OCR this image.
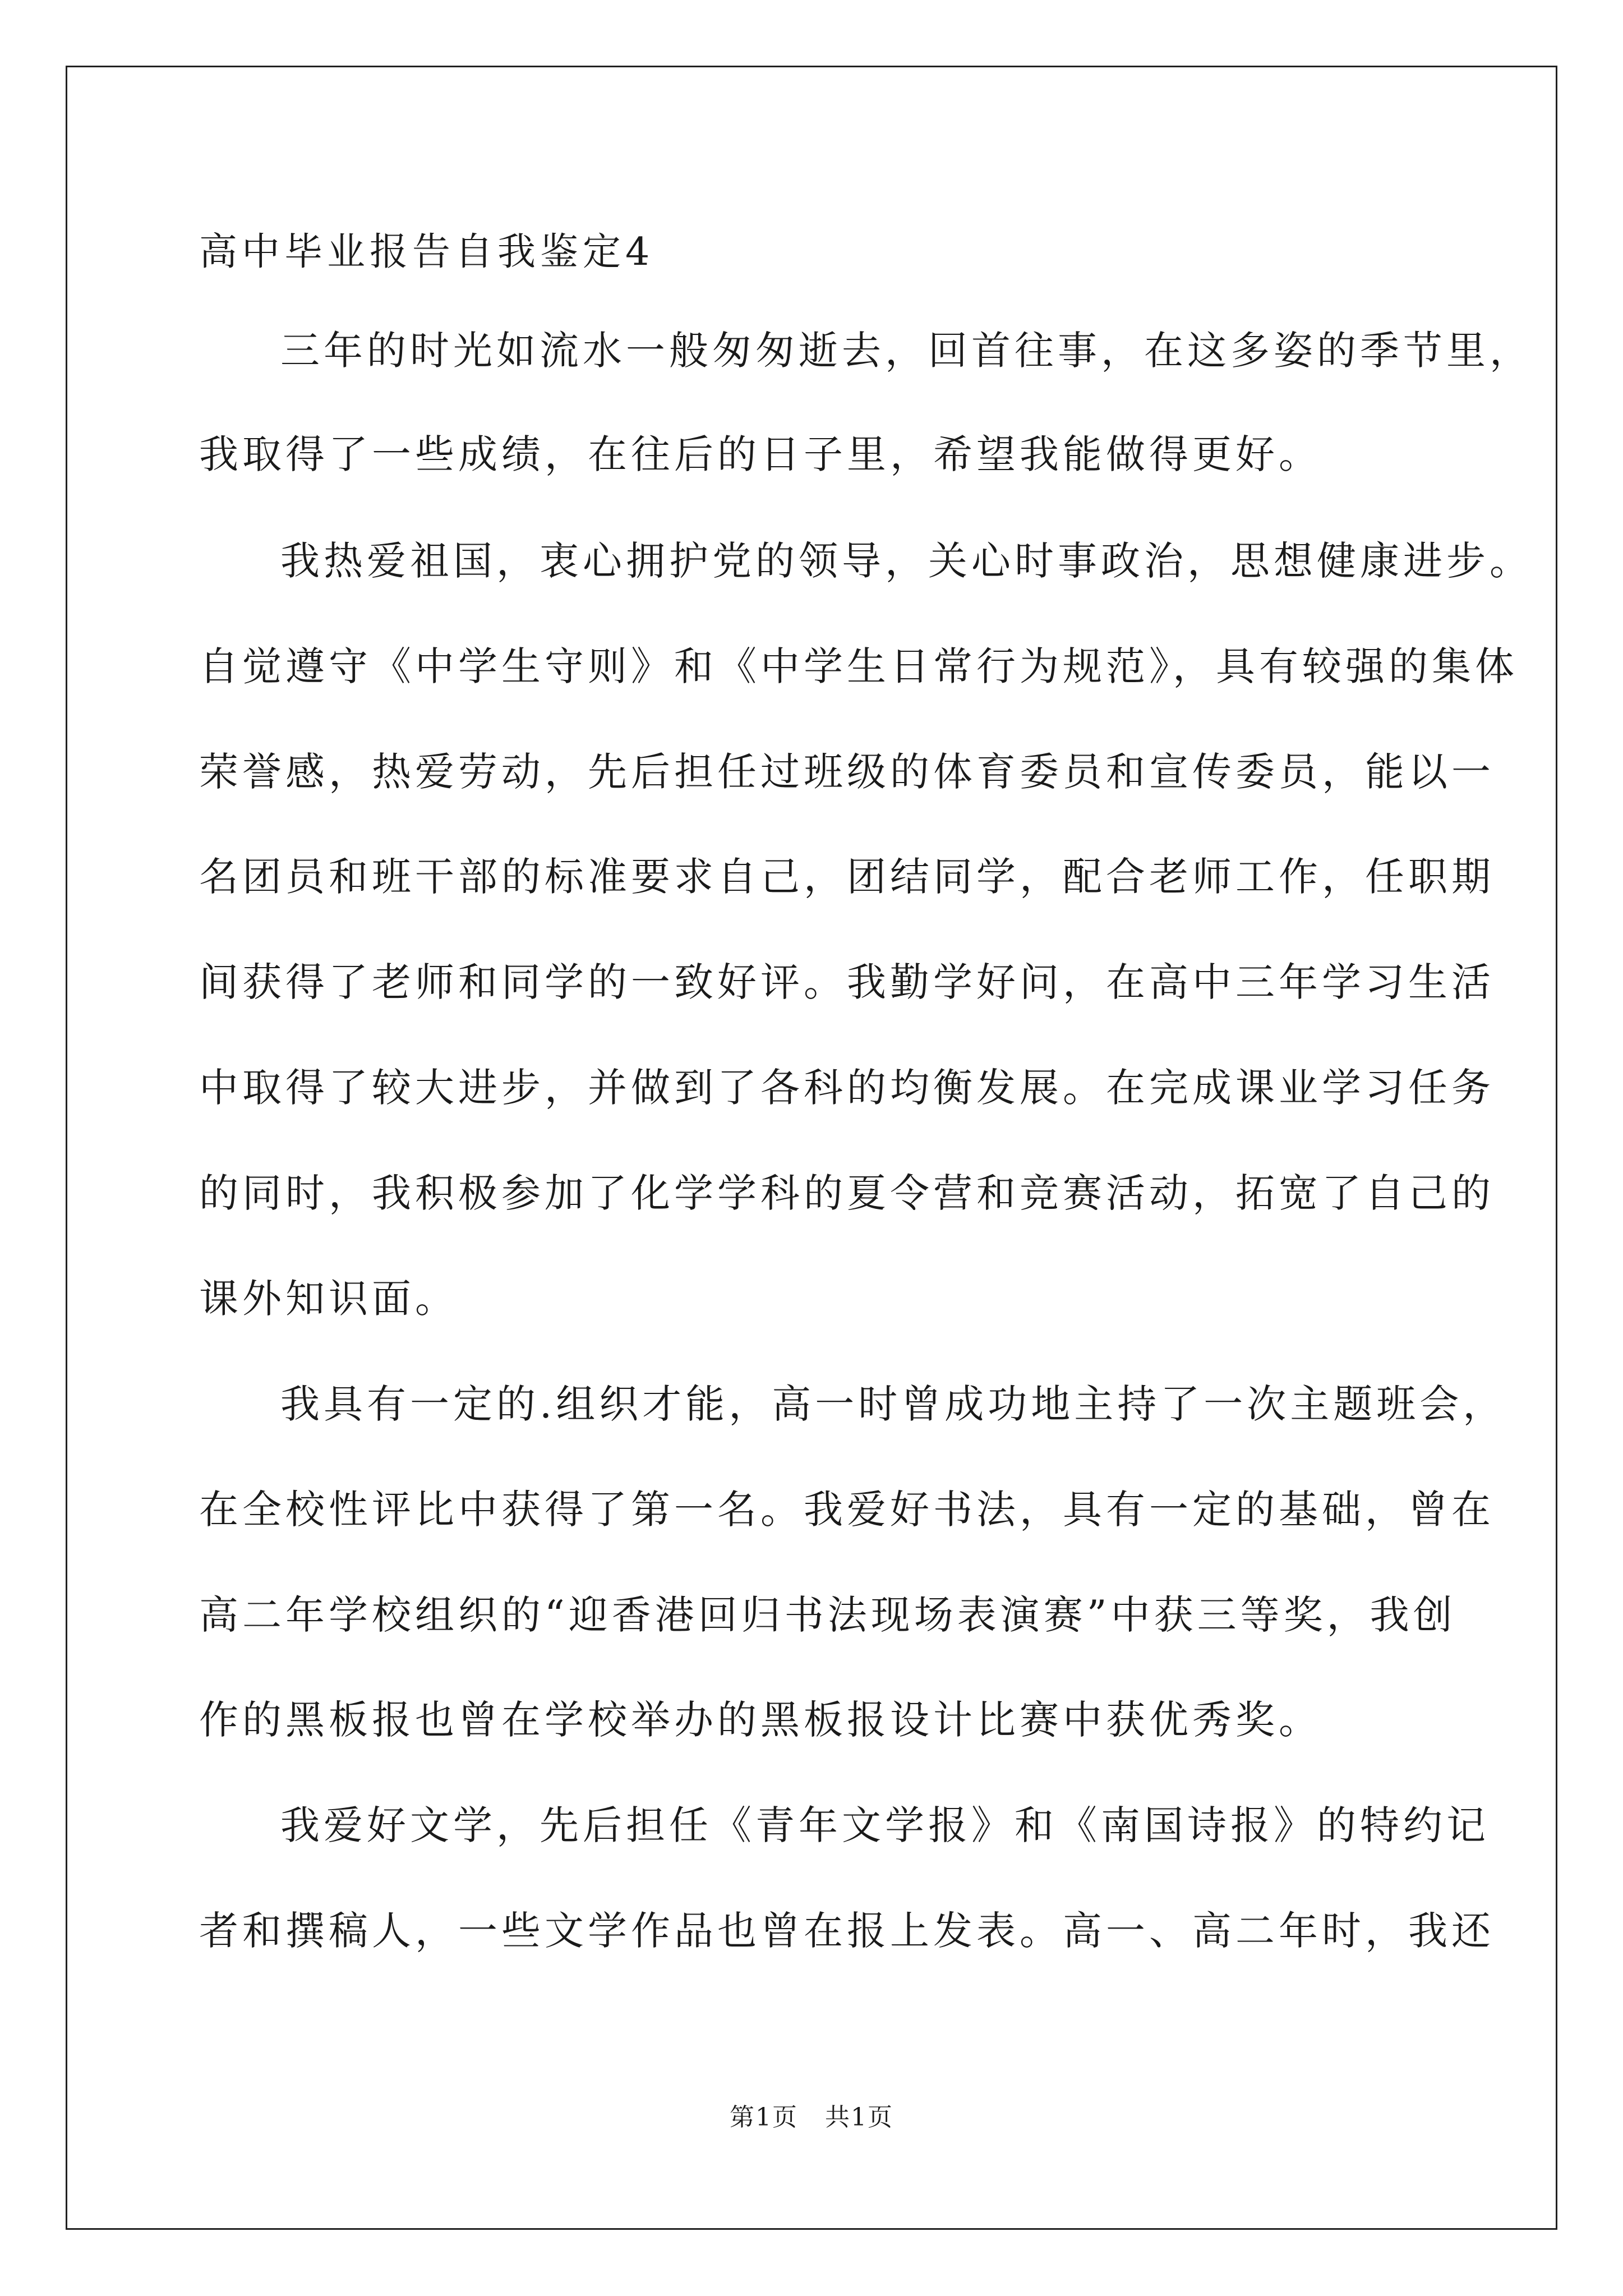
高中毕业报告自我鉴定4

三年的时光如流水一般匆匆逝去，回首往事，在这多姿的季节里，

我取得了一些成绩，在往后的日子里，希望我能做得更好。

我热爱祖国，衷心拥护党的领导，关心时事政治，思想健康进步。

自觉遵守《中学生守则》和《中学生日常行为规范》，具有较强的集体

荣誉感，热爱劳动，先后担任过班级的体育委员和宣传委员，能以一

名团员和班干部的标准要求自己，团结同学，配合老师工作，任职期

间获得了老师和同学的一致好评。我勤学好问，在高中三年学习生活

中取得了较大进步，并做到了各科的均衡发展。在完成课业学习任务

的同时，我积极参加了化学学科的夏令营和竞赛活动，拓宽了自己的

课外知识面。

我具有一定的.组织才能，高一时曾成功地主持了一次主题班会，

在全校性评比中获得了第一名。我爱好书法，具有一定的基础，曾在

高二年学校组织的“迎香港回归书法现场表演赛”中获三等奖，我创

作的黑板报也曾在学校举办的黑板报设计比赛中获优秀奖。

我爱好文学，先后担任《青年文学报》和《南国诗报》的特约记

者和撰稿人，一些文学作品也曾在报上发表。高一、高二年时，我还

第1页   共1页
